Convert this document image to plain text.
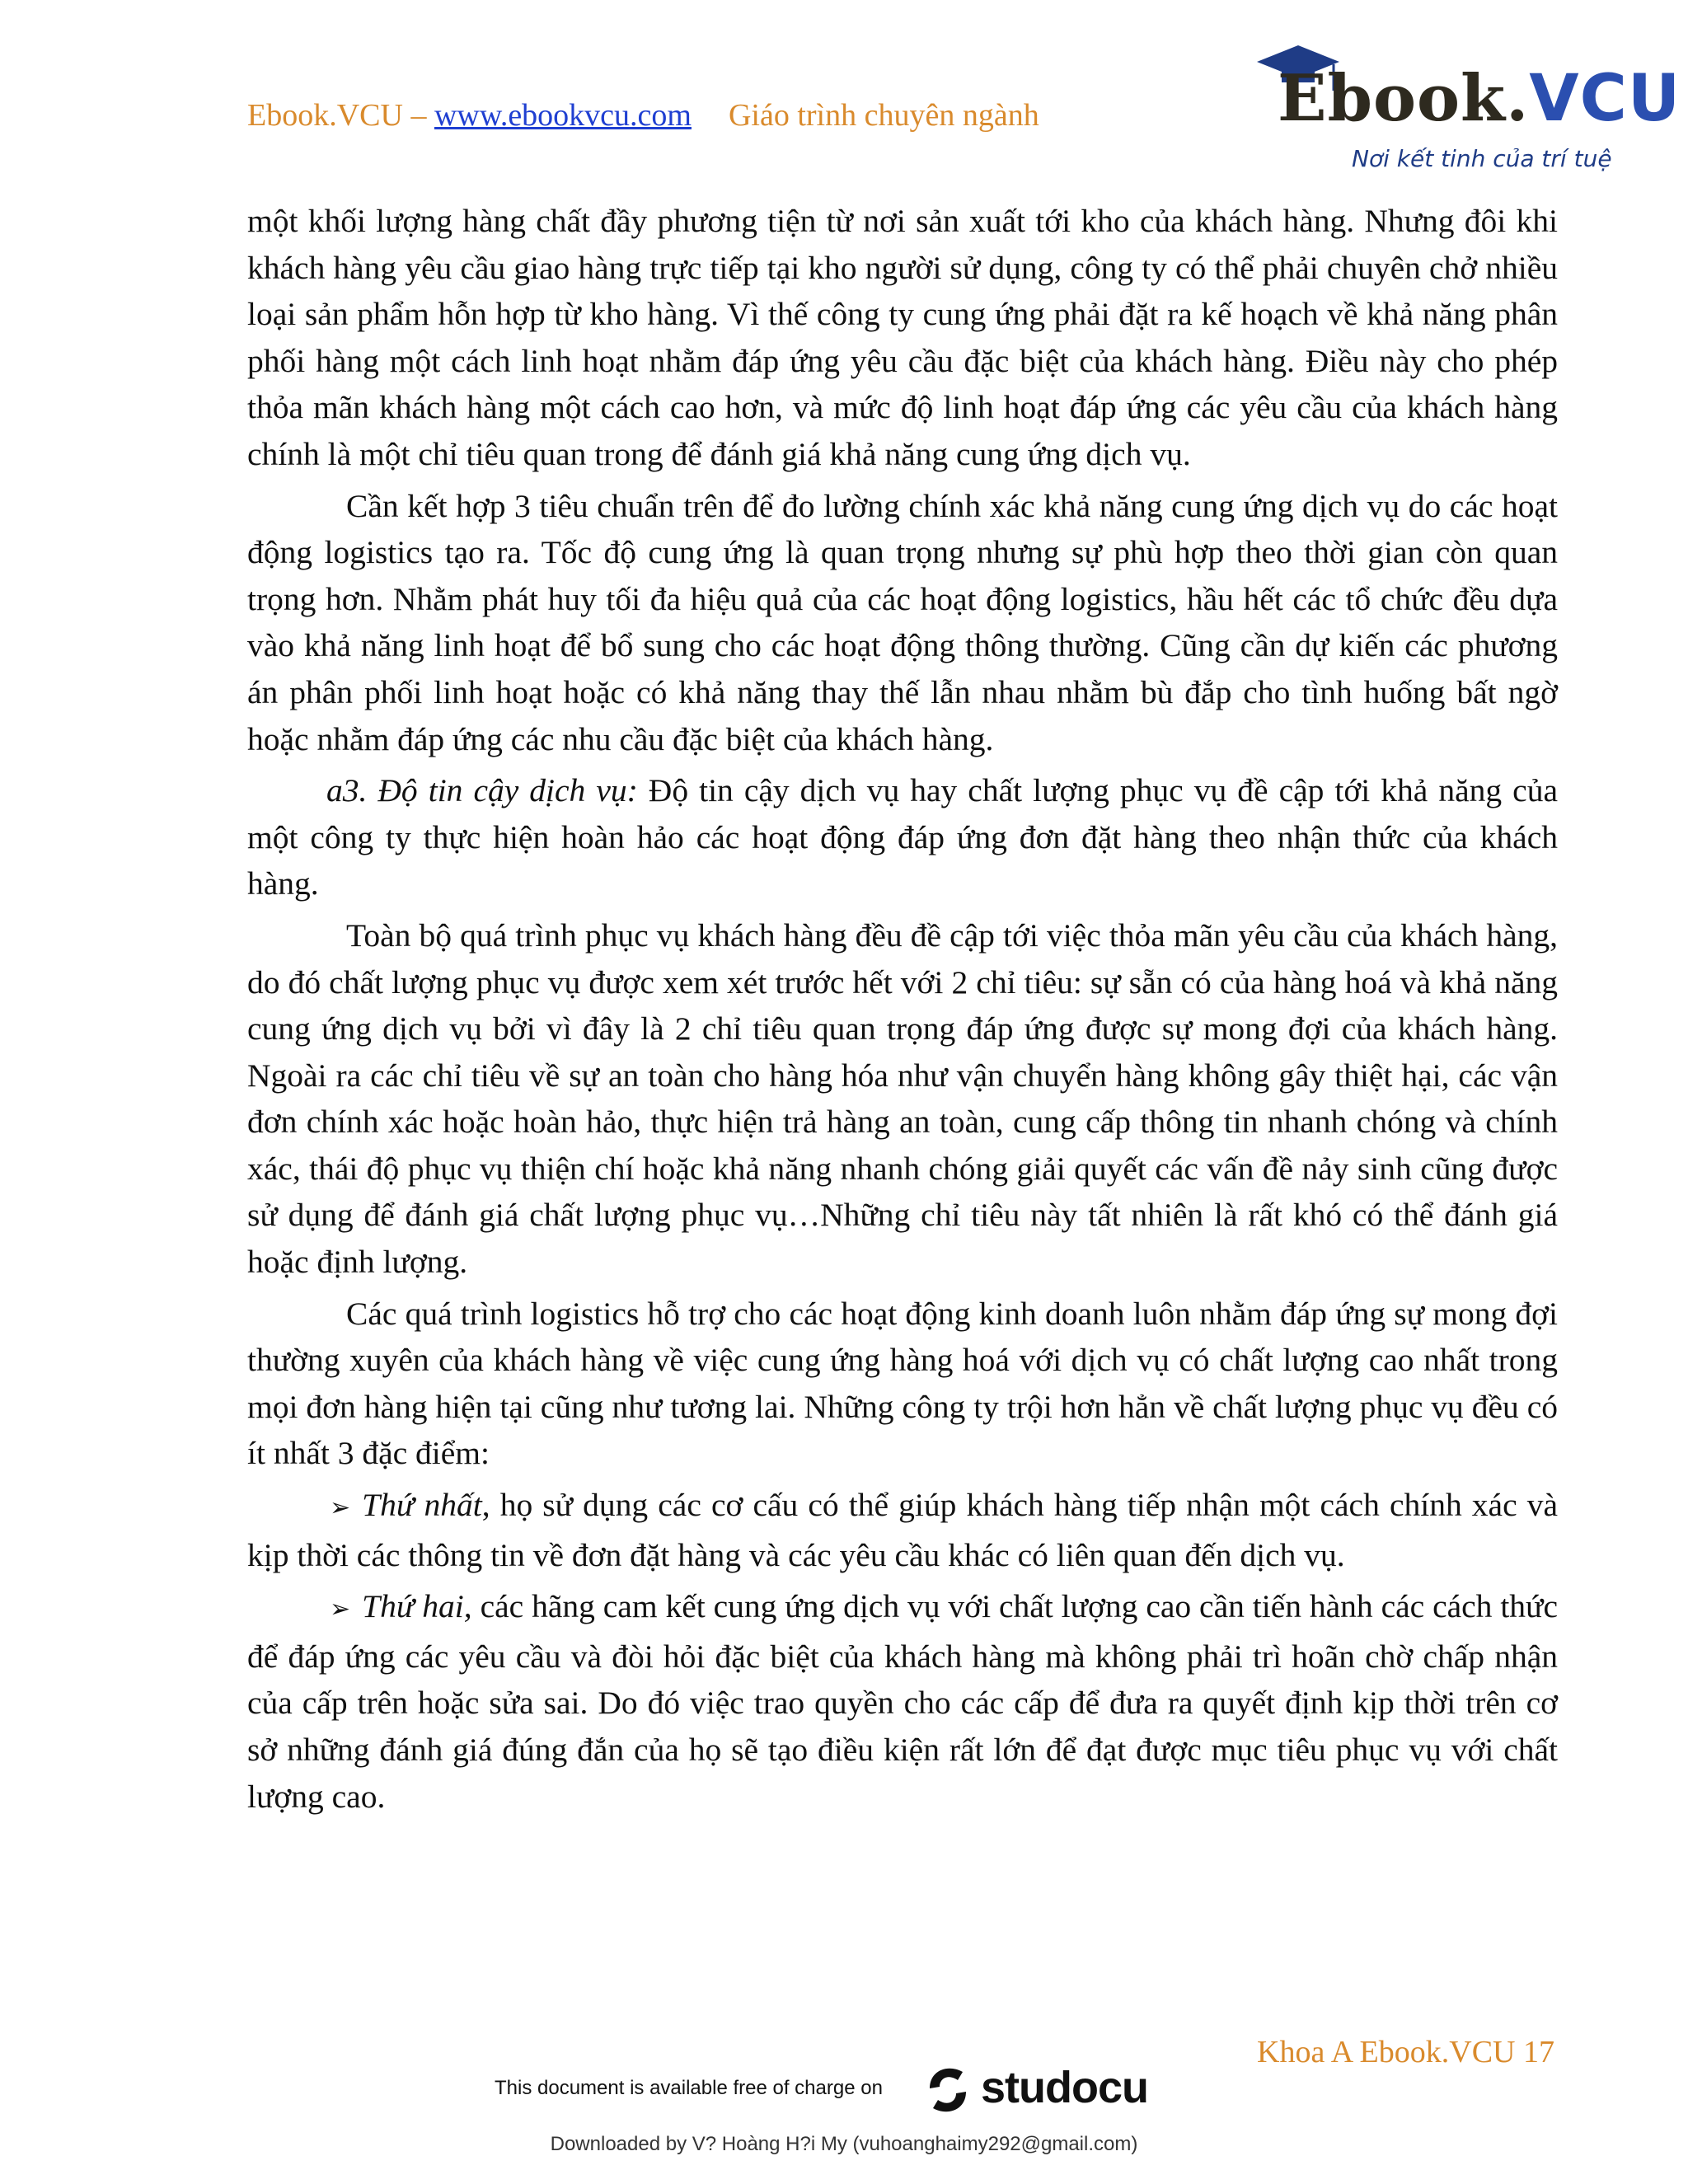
Ebook.VCU – www.ebookvcu.com Giáo trình chuyên ngành	Ebook.VCU
Nơi kết tinh của trí tuệ

một khối lượng hàng chất đầy phương tiện từ nơi sản xuất tới kho của khách hàng. Nhưng đôi khi khách hàng yêu cầu giao hàng trực tiếp tại kho người sử dụng, công ty có thể phải chuyên chở nhiều loại sản phẩm hỗn hợp từ kho hàng. Vì thế công ty cung ứng phải đặt ra kế hoạch về khả năng phân phối hàng một cách linh hoạt nhằm đáp ứng yêu cầu đặc biệt của khách hàng. Điều này cho phép thỏa mãn khách hàng một cách cao hơn, và mức độ linh hoạt đáp ứng các yêu cầu của khách hàng chính là một chỉ tiêu quan trong để đánh giá khả năng cung ứng dịch vụ.

Cần kết hợp 3 tiêu chuẩn trên để đo lường chính xác khả năng cung ứng dịch vụ do các hoạt động logistics tạo ra. Tốc độ cung ứng là quan trọng nhưng sự phù hợp theo thời gian còn quan trọng hơn. Nhằm phát huy tối đa hiệu quả của các hoạt động logistics, hầu hết các tổ chức đều dựa vào khả năng linh hoạt để bổ sung cho các hoạt động thông thường. Cũng cần dự kiến các phương án phân phối linh hoạt hoặc có khả năng thay thế lẫn nhau nhằm bù đắp cho tình huống bất ngờ hoặc nhằm đáp ứng các nhu cầu đặc biệt của khách hàng.

a3. Độ tin cậy dịch vụ: Độ tin cậy dịch vụ hay chất lượng phục vụ đề cập tới khả năng của một công ty thực hiện hoàn hảo các hoạt động đáp ứng đơn đặt hàng theo nhận thức của khách hàng.

Toàn bộ quá trình phục vụ khách hàng đều đề cập tới việc thỏa mãn yêu cầu của khách hàng, do đó chất lượng phục vụ được xem xét trước hết với 2 chỉ tiêu: sự sẵn có của hàng hoá và khả năng cung ứng dịch vụ bởi vì đây là 2 chỉ tiêu quan trọng đáp ứng được sự mong đợi của khách hàng. Ngoài ra các chỉ tiêu về sự an toàn cho hàng hóa như vận chuyển hàng không gây thiệt hại, các vận đơn chính xác hoặc hoàn hảo, thực hiện trả hàng an toàn, cung cấp thông tin nhanh chóng và chính xác, thái độ phục vụ thiện chí hoặc khả năng nhanh chóng giải quyết các vấn đề nảy sinh cũng được sử dụng để đánh giá chất lượng phục vụ…Những chỉ tiêu này tất nhiên là rất khó có thể đánh giá hoặc định lượng.

Các quá trình logistics hỗ trợ cho các hoạt động kinh doanh luôn nhằm đáp ứng sự mong đợi thường xuyên của khách hàng về việc cung ứng hàng hoá với dịch vụ có chất lượng cao nhất trong mọi đơn hàng hiện tại cũng như tương lai. Những công ty trội hơn hẳn về chất lượng phục vụ đều có ít nhất 3 đặc điểm:

➢ Thứ nhất, họ sử dụng các cơ cấu có thể giúp khách hàng tiếp nhận một cách chính xác và kịp thời các thông tin về đơn đặt hàng và các yêu cầu khác có liên quan đến dịch vụ.

➢ Thứ hai, các hãng cam kết cung ứng dịch vụ với chất lượng cao cần tiến hành các cách thức để đáp ứng các yêu cầu và đòi hỏi đặc biệt của khách hàng mà không phải trì hoãn chờ chấp nhận của cấp trên hoặc sửa sai. Do đó việc trao quyền cho các cấp để đưa ra quyết định kịp thời trên cơ sở những đánh giá đúng đắn của họ sẽ tạo điều kiện rất lớn để đạt được mục tiêu phục vụ với chất lượng cao.

Khoa A Ebook.VCU 17
This document is available free of charge on studocu
Downloaded by V? Hoàng H?i My (vuhoanghaimy292@gmail.com)
